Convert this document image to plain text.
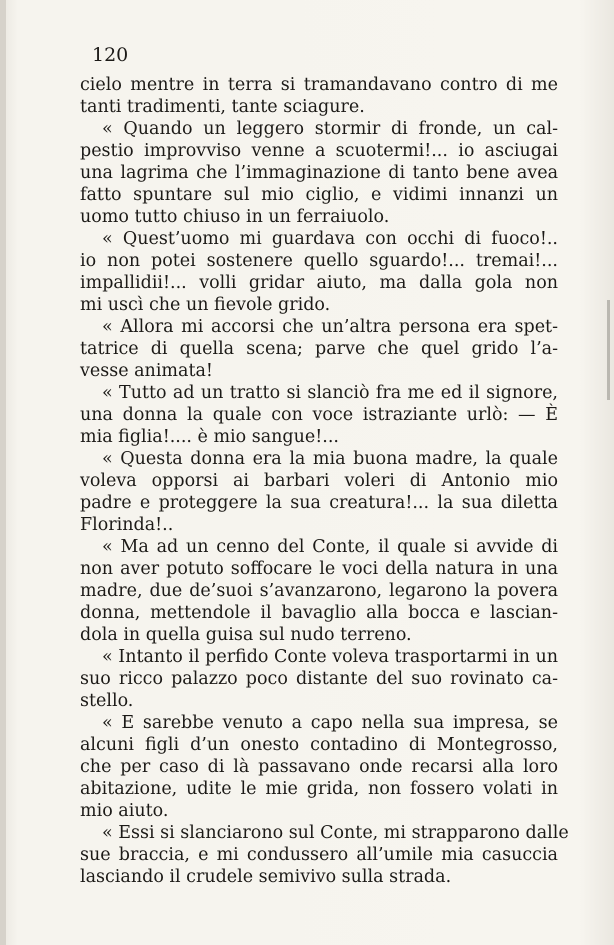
120
cielo mentre in terra si tramandavano contro di me
tanti tradimenti, tante sciagure.
« Quando un leggero stormir di fronde, un cal-
pestio improvviso venne a scuotermi!... io asciugai
una lagrima che l’immaginazione di tanto bene avea
fatto spuntare sul mio ciglio, e vidimi innanzi un
uomo tutto chiuso in un ferraiuolo.
« Quest’uomo mi guardava con occhi di fuoco!..
io non potei sostenere quello sguardo!... tremai!...
impallidii!... volli gridar aiuto, ma dalla gola non
mi uscì che un fievole grido.
« Allora mi accorsi che un’altra persona era spet-
tatrice di quella scena; parve che quel grido l’a-
vesse animata!
« Tutto ad un tratto si slanciò fra me ed il signore,
una donna la quale con voce istraziante urlò: — È
mia figlia!.... è mio sangue!...
« Questa donna era la mia buona madre, la quale
voleva opporsi ai barbari voleri di Antonio mio
padre e proteggere la sua creatura!... la sua diletta
Florinda!..
« Ma ad un cenno del Conte, il quale si avvide di
non aver potuto soffocare le voci della natura in una
madre, due de’suoi s’avanzarono, legarono la povera
donna, mettendole il bavaglio alla bocca e lascian-
dola in quella guisa sul nudo terreno.
« Intanto il perfido Conte voleva trasportarmi in un
suo ricco palazzo poco distante del suo rovinato ca-
stello.
« E sarebbe venuto a capo nella sua impresa, se
alcuni figli d’un onesto contadino di Montegrosso,
che per caso di là passavano onde recarsi alla loro
abitazione, udite le mie grida, non fossero volati in
mio aiuto.
« Essi si slanciarono sul Conte, mi strapparono dalle
sue braccia, e mi condussero all’umile mia casuccia
lasciando il crudele semivivo sulla strada.
